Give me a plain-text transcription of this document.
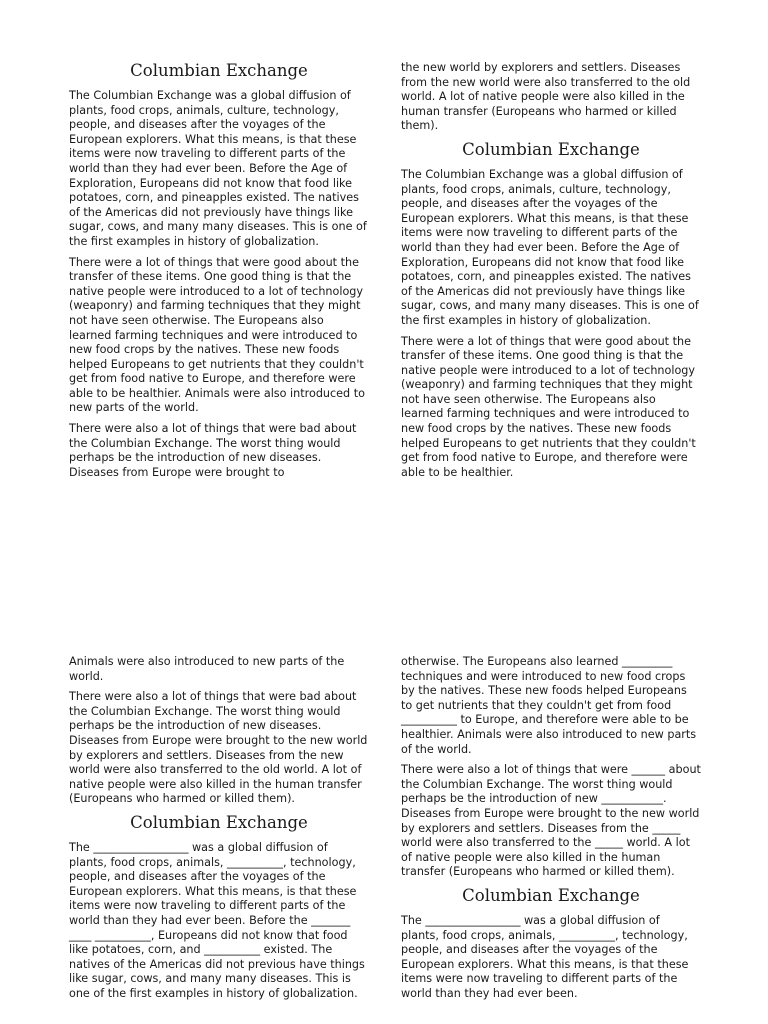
Columbian Exchange

The Columbian Exchange was a global diffusion of plants, food crops, animals, culture, technology, people, and diseases after the voyages of the European explorers. What this means, is that these items were now traveling to different parts of the world than they had ever been. Before the Age of Exploration, Europeans did not know that food like potatoes, corn, and pineapples existed. The natives of the Americas did not previously have things like sugar, cows, and many many diseases. This is one of the first examples in history of globalization.

There were a lot of things that were good about the transfer of these items. One good thing is that the native people were introduced to a lot of technology (weaponry) and farming techniques that they might not have seen otherwise. The Europeans also learned farming techniques and were introduced to new food crops by the natives. These new foods helped Europeans to get nutrients that they couldn't get from food native to Europe, and therefore were able to be healthier. Animals were also introduced to new parts of the world.

There were also a lot of things that were bad about the Columbian Exchange. The worst thing would perhaps be the introduction of new diseases. Diseases from Europe were brought to

the new world by explorers and settlers. Diseases from the new world were also transferred to the old world. A lot of native people were also killed in the human transfer (Europeans who harmed or killed them).

Columbian Exchange

The Columbian Exchange was a global diffusion of plants, food crops, animals, culture, technology, people, and diseases after the voyages of the European explorers. What this means, is that these items were now traveling to different parts of the world than they had ever been. Before the Age of Exploration, Europeans did not know that food like potatoes, corn, and pineapples existed. The natives of the Americas did not previously have things like sugar, cows, and many many diseases. This is one of the first examples in history of globalization.

There were a lot of things that were good about the transfer of these items. One good thing is that the native people were introduced to a lot of technology (weaponry) and farming techniques that they might not have seen otherwise. The Europeans also learned farming techniques and were introduced to new food crops by the natives. These new foods helped Europeans to get nutrients that they couldn't get from food native to Europe, and therefore were able to be healthier.

Animals were also introduced to new parts of the world.

There were also a lot of things that were bad about the Columbian Exchange. The worst thing would perhaps be the introduction of new diseases. Diseases from Europe were brought to the new world by explorers and settlers. Diseases from the new world were also transferred to the old world. A lot of native people were also killed in the human transfer (Europeans who harmed or killed them).

Columbian Exchange

The _________________ was a global diffusion of plants, food crops, animals, __________, technology, people, and diseases after the voyages of the European explorers. What this means, is that these items were now traveling to different parts of the world than they had ever been. Before the _______ ____ __________, Europeans did not know that food like potatoes, corn, and __________ existed. The natives of the Americas did not previous have things like sugar, cows, and many many diseases. This is one of the first examples in history of globalization.

otherwise. The Europeans also learned _________ techniques and were introduced to new food crops by the natives. These new foods helped Europeans to get nutrients that they couldn't get from food __________ to Europe, and therefore were able to be healthier. Animals were also introduced to new parts of the world.

There were also a lot of things that were ______ about the Columbian Exchange. The worst thing would perhaps be the introduction of new ___________. Diseases from Europe were brought to the new world by explorers and settlers. Diseases from the _____ world were also transferred to the _____ world. A lot of native people were also killed in the human transfer (Europeans who harmed or killed them).

Columbian Exchange

The _________________ was a global diffusion of plants, food crops, animals, __________, technology, people, and diseases after the voyages of the European explorers. What this means, is that these items were now traveling to different parts of the world than they had ever been.
